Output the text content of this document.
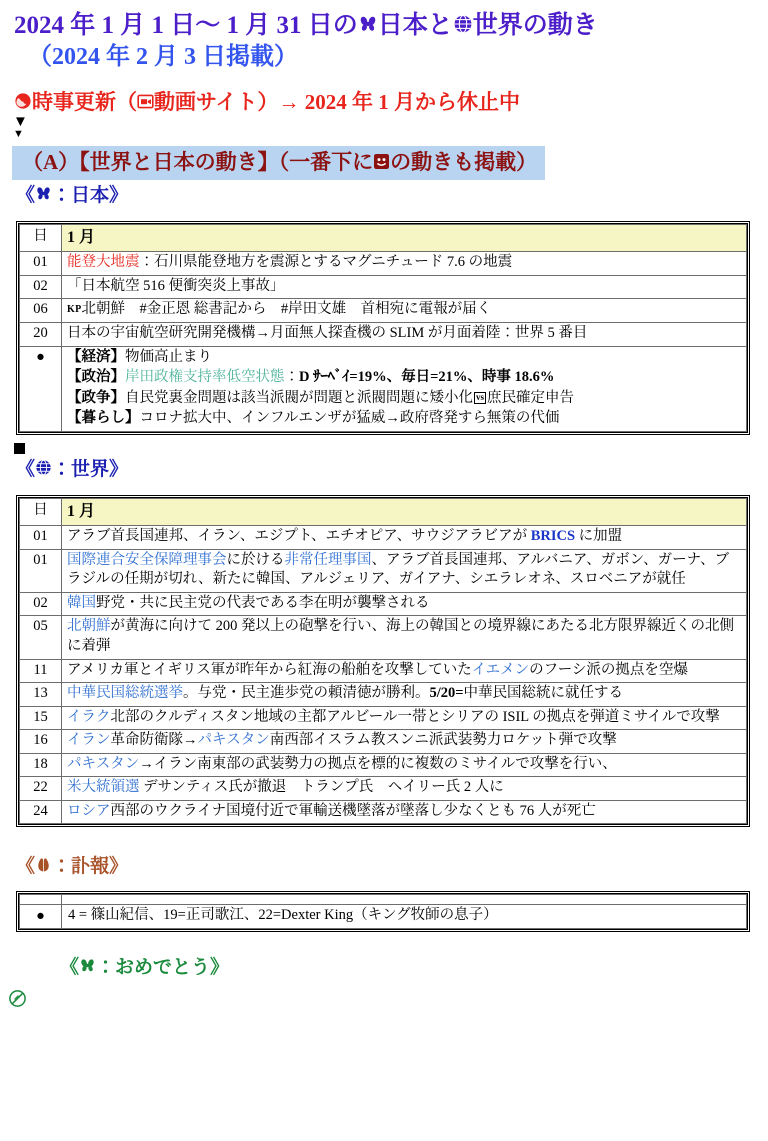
2024 年 1 月 1 日〜 1 月 31 日の 日本と 世界の動き
（2024 年 2 月 3 日掲載）
時事更新（ 動画サイト）→ 2024 年 1 月から休止中
▼
▼
（A）【世界と日本の動き】（一番下に の動きも掲載）
《 ：日本》
日	1 月
01	能登大地震：石川県能登地方を震源とするマグニチュード 7.6 の地震
02	「日本航空 516 便衝突炎上事故」
06	KP北朝鮮　#金正恩 総書記から　#岸田文雄　首相宛に電報が届く
20	日本の宇宙航空研究開発機構→月面無人探査機の SLIM が月面着陸：世界 5 番目
●	【経済】物価高止まり
【政治】岸田政権支持率低空状態：D ｻｰﾍﾞｲ=19%、毎日=21%、時事 18.6%
【政争】自民党裏金問題は該当派閥が問題と派閥問題に矮小化 vs 庶民確定申告
【暮らし】コロナ拡大中、インフルエンザが猛威→政府啓発すら無策の代価
《 ：世界》
日	1 月
01	アラブ首長国連邦、イラン、エジプト、エチオピア、サウジアラビアが BRICS に加盟
01	国際連合安全保障理事会に於ける非常任理事国、アラブ首長国連邦、アルバニア、ガボン、ガーナ、ブラジルの任期が切れ、新たに韓国、アルジェリア、ガイアナ、シエラレオネ、スロベニアが就任
02	韓国野党・共に民主党の代表である李在明が襲撃される
05	北朝鮮が黄海に向けて 200 発以上の砲撃を行い、海上の韓国との境界線にあたる北方限界線近くの北側に着弾
11	アメリカ軍とイギリス軍が昨年から紅海の船舶を攻撃していたイエメンのフーシ派の拠点を空爆
13	中華民国総統選挙。与党・民主進歩党の頼清徳が勝利。5/20=中華民国総統に就任する
15	イラク北部のクルディスタン地域の主都アルビール一帯とシリアの ISIL の拠点を弾道ミサイルで攻撃
16	イラン革命防衛隊→パキスタン南西部イスラム教スンニ派武装勢力ロケット弾で攻撃
18	パキスタン→イラン南東部の武装勢力の拠点を標的に複数のミサイルで攻撃を行い、
22	米大統領選 デサンティス氏が撤退　トランプ氏　ヘイリー氏 2 人に
24	ロシア西部のウクライナ国境付近で軍輸送機墜落が墜落し少なくとも 76 人が死亡
《 ：訃報》

●	4 = 篠山紀信、19=正司歌江、22=Dexter King（キング牧師の息子）
《 ：おめでとう》
